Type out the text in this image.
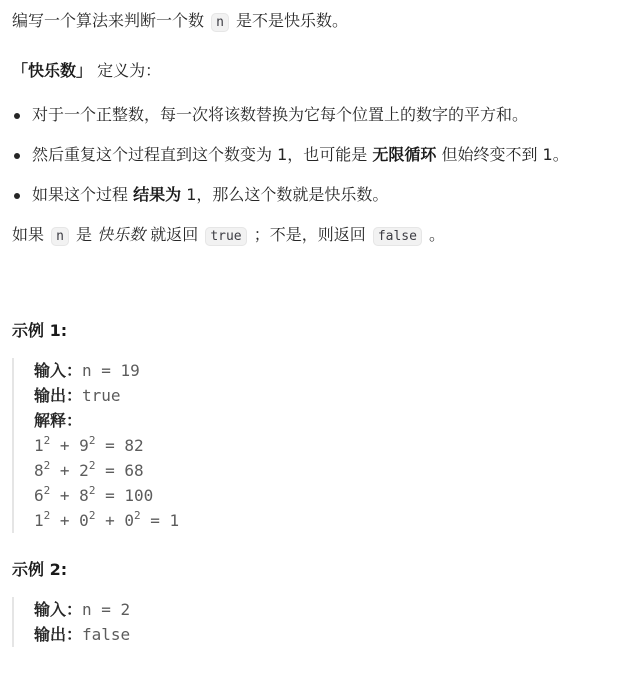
编写一个算法来判断一个数 n 是不是快乐数。

「快乐数」 定义为：

对于一个正整数，每一次将该数替换为它每个位置上的数字的平方和。
然后重复这个过程直到这个数变为 1，也可能是 无限循环 但始终变不到 1。
如果这个过程 结果为 1，那么这个数就是快乐数。

如果 n 是 快乐数 就返回 true ；不是，则返回 false 。

示例 1:

输入：n = 19
输出：true
解释：
$1^2 + 9^2 = 82$
$8^2 + 2^2 = 68$
$6^2 + 8^2 = 100$
$1^2 + 0^2 + 0^2 = 1$

示例 2:

输入：n = 2
输出：false
